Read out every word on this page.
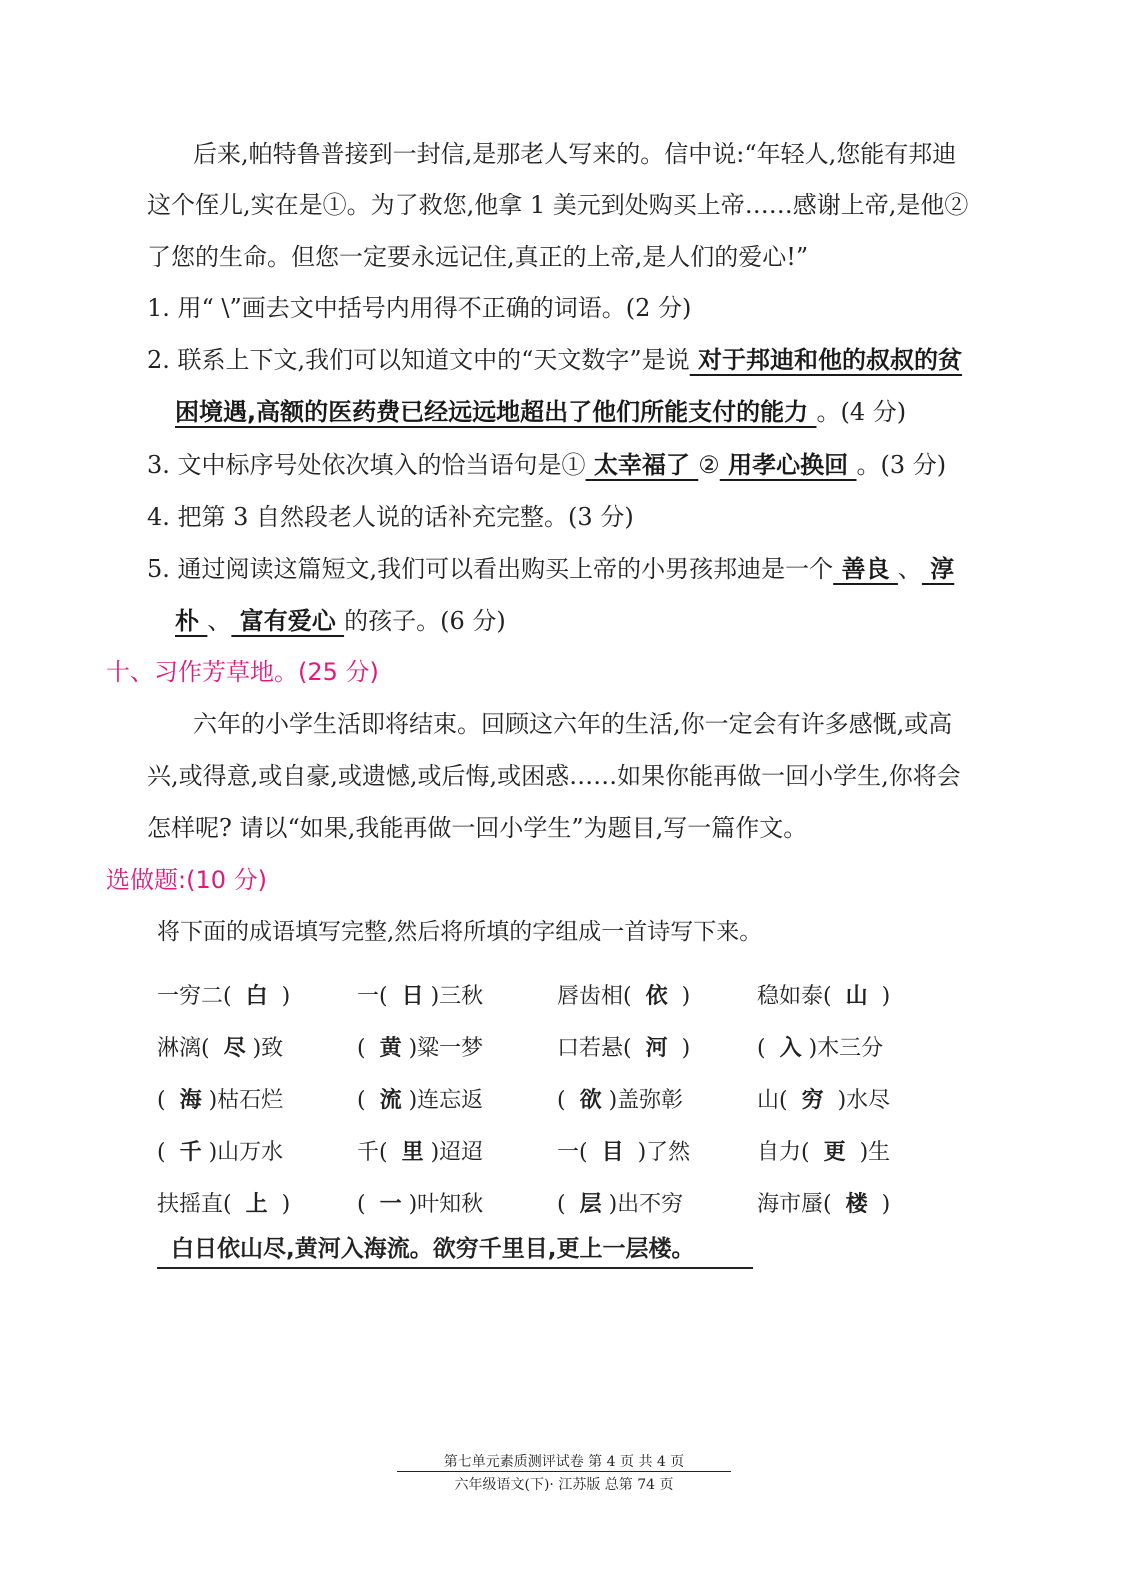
后来,帕特鲁普接到一封信,是那老人写来的。信中说:“年轻人,您能有邦迪
这个侄儿,实在是①。为了救您,他拿 1 美元到处购买上帝……感谢上帝,是他②
了您的生命。但您一定要永远记住,真正的上帝,是人们的爱心!”
1. 用“ \”画去文中括号内用得不正确的词语。(2 分)
2. 联系上下文,我们可以知道文中的“天文数字”是说 对于邦迪和他的叔叔的贫
困境遇,高额的医药费已经远远地超出了他们所能支付的能力 。(4 分)
3. 文中标序号处依次填入的恰当语句是① 太幸福了 ② 用孝心换回 。(3 分)
4. 把第 3 自然段老人说的话补充完整。(3 分)
5. 通过阅读这篇短文,我们可以看出购买上帝的小男孩邦迪是一个 善良 、 淳
朴 、 富有爱心 的孩子。(6 分)
十、习作芳草地。(25 分)
六年的小学生活即将结束。回顾这六年的生活,你一定会有许多感慨,或高
兴,或得意,或自豪,或遗憾,或后悔,或困惑……如果你能再做一回小学生,你将会
怎样呢? 请以“如果,我能再做一回小学生”为题目,写一篇作文。
选做题:(10 分)
将下面的成语填写完整,然后将所填的字组成一首诗写下来。
一穷二(  白  )	一(  日 )三秋	唇齿相(  依  )	稳如泰(  山  )
淋漓(  尽 )致	(  黄 )粱一梦	口若悬(  河  )	(  入 )木三分
(  海 )枯石烂	(  流 )连忘返	(  欲 )盖弥彰	山(  穷  )水尽
(  千 )山万水	千(  里 )迢迢	一(  目  )了然	自力(  更  )生
扶摇直(  上  )	(  一 )叶知秋	(  层 )出不穷	海市蜃(  楼  )
白日依山尽,黄河入海流。欲穷千里目,更上一层楼。
第七单元素质测评试卷 第 4 页 共 4 页
六年级语文(下)· 江苏版 总第 74 页
